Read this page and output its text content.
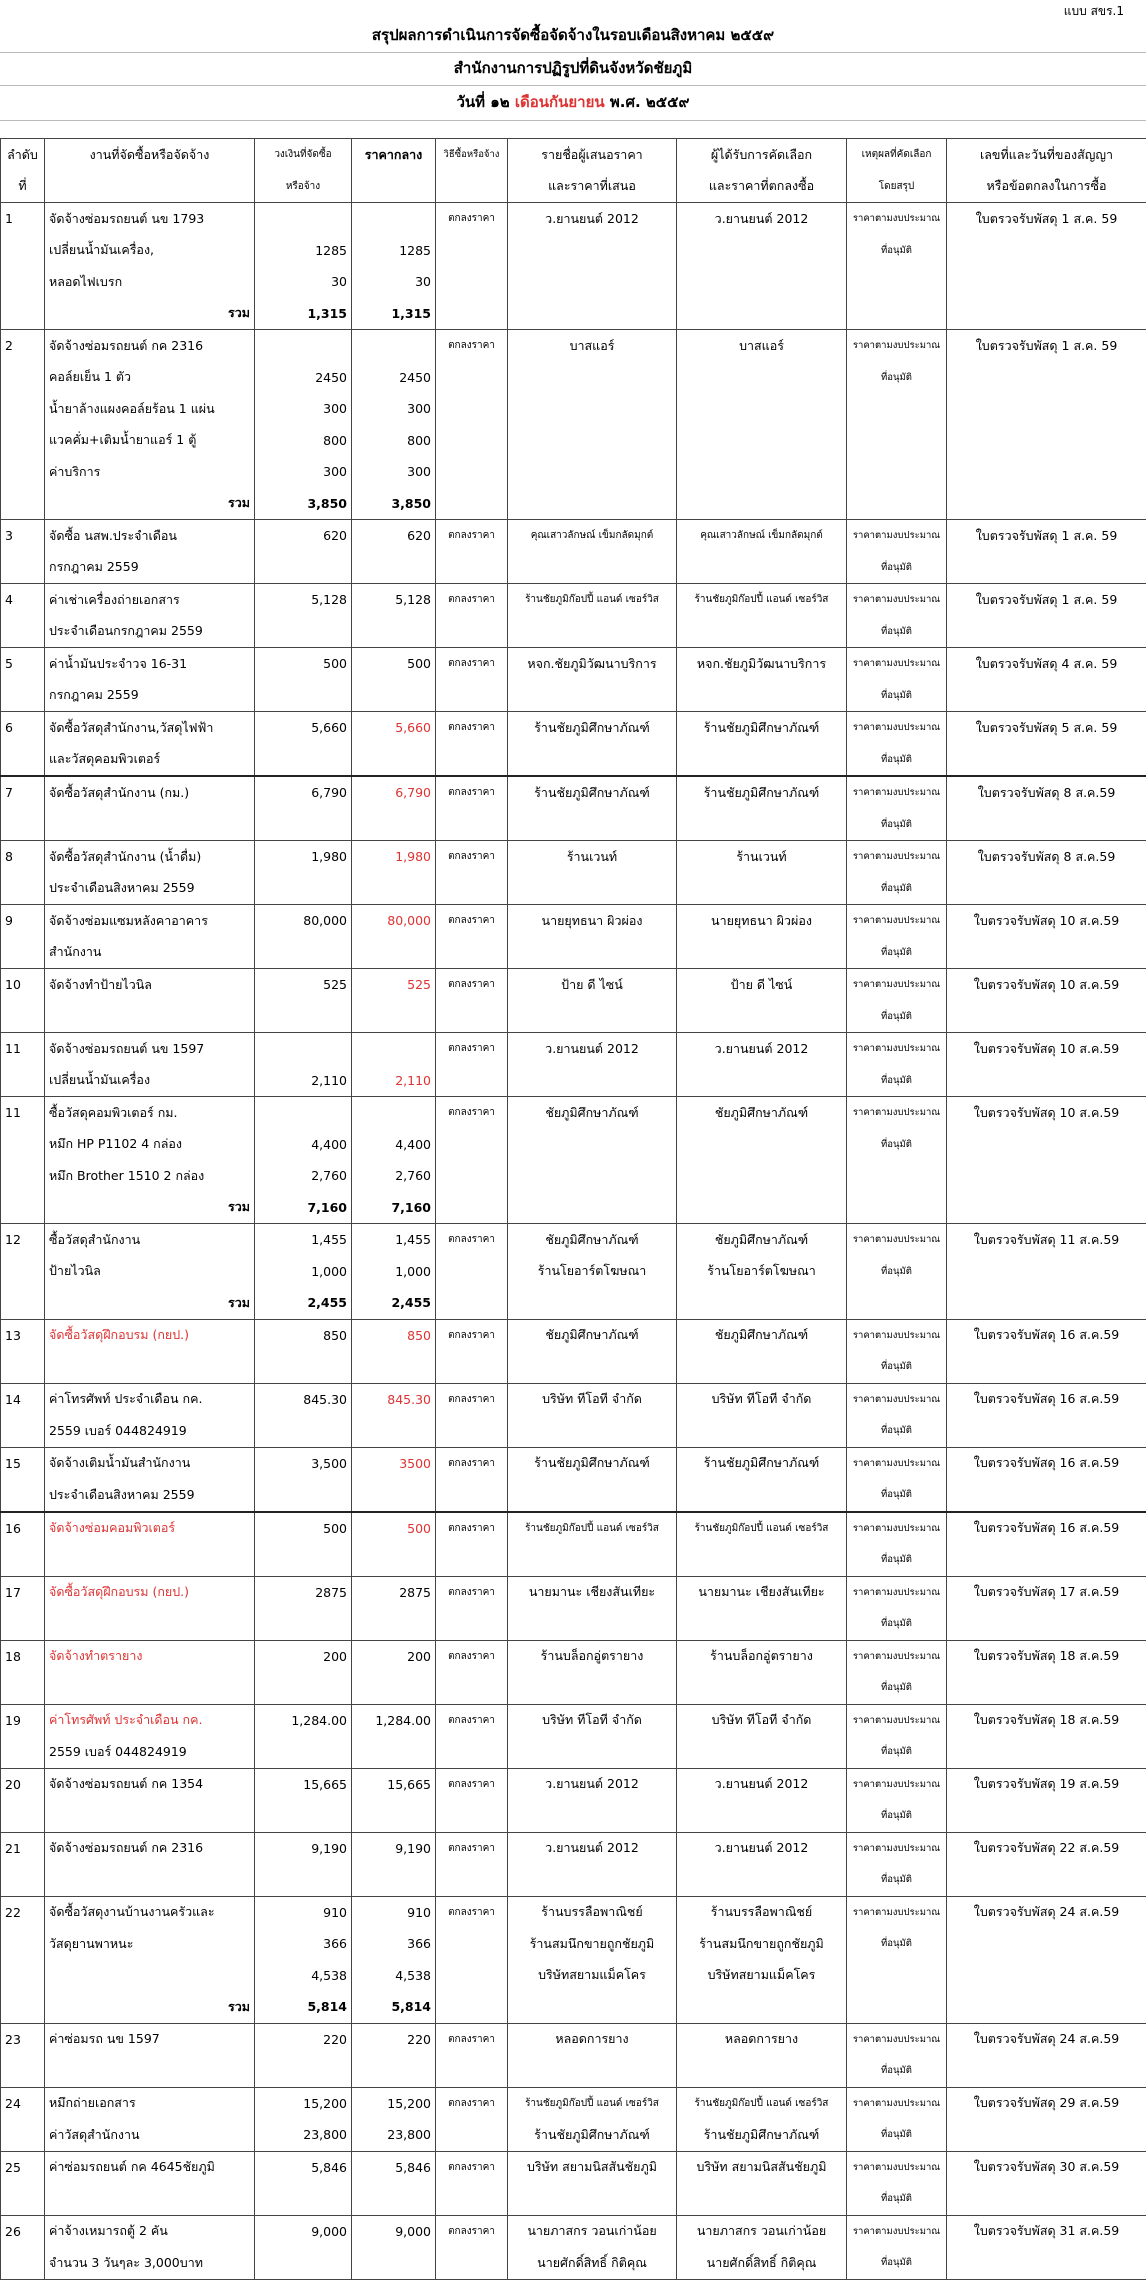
แบบ สขร.1
สรุปผลการดำเนินการจัดซื้อจัดจ้างในรอบเดือนสิงหาคม ๒๕๕๙
สำนักงานการปฏิรูปที่ดินจังหวัดชัยภูมิ
วันที่ ๑๒ เดือนกันยายน พ.ศ. ๒๕๕๙
ลำดับ	งานที่จัดซื้อหรือจัดจ้าง	วงเงินที่จัดซื้อ	ราคากลาง	วิธีซื้อหรือจ้าง	รายชื่อผู้เสนอราคา	ผู้ได้รับการคัดเลือก	เหตุผลที่คัดเลือก	เลขที่และวันที่ของสัญญา
ที่		หรือจ้าง			และราคาที่เสนอ	และราคาที่ตกลงซื้อ	โดยสรุป	หรือข้อตกลงในการซื้อ
1	จัดจ้างซ่อมรถยนต์ นข 1793			ตกลงราคา	ว.ยานยนต์ 2012	ว.ยานยนต์ 2012	ราคาตามงบประมาณ	ใบตรวจรับพัสดุ 1 ส.ค. 59
	เปลี่ยนน้ำมันเครื่อง,	1285	1285				ที่อนุมัติ	
	หลอดไฟเบรก	30	30					
	รวม	1,315	1,315					
2	จัดจ้างซ่อมรถยนต์ กค 2316			ตกลงราคา	บาสแอร์	บาสแอร์	ราคาตามงบประมาณ	ใบตรวจรับพัสดุ 1 ส.ค. 59
	คอล์ยเย็น 1 ตัว	2450	2450				ที่อนุมัติ	
	น้ำยาล้างแผงคอล์ยร้อน 1 แผ่น	300	300					
	แวคคั่ม+เติมน้ำยาแอร์ 1 ตู้	800	800					
	ค่าบริการ	300	300					
	รวม	3,850	3,850					
3	จัดซื้อ นสพ.ประจำเดือน	620	620	ตกลงราคา	คุณเสาวลักษณ์ เข็มกลัดมุกต์	คุณเสาวลักษณ์ เข็มกลัดมุกต์	ราคาตามงบประมาณ	ใบตรวจรับพัสดุ 1 ส.ค. 59
	กรกฎาคม 2559						ที่อนุมัติ	
4	ค่าเช่าเครื่องถ่ายเอกสาร	5,128	5,128	ตกลงราคา	ร้านชัยภูมิก๊อปปี้ แอนด์ เซอร์วิส	ร้านชัยภูมิก๊อปปี้ แอนด์ เซอร์วิส	ราคาตามงบประมาณ	ใบตรวจรับพัสดุ 1 ส.ค. 59
	ประจำเดือนกรกฎาคม 2559						ที่อนุมัติ	
5	ค่าน้ำมันประจำวจ 16-31	500	500	ตกลงราคา	หจก.ชัยภูมิวัฒนาบริการ	หจก.ชัยภูมิวัฒนาบริการ	ราคาตามงบประมาณ	ใบตรวจรับพัสดุ 4 ส.ค. 59
	กรกฎาคม 2559						ที่อนุมัติ	
6	จัดซื้อวัสดุสำนักงาน,วัสดุไฟฟ้า	5,660	5,660	ตกลงราคา	ร้านชัยภูมิศึกษาภัณฑ์	ร้านชัยภูมิศึกษาภัณฑ์	ราคาตามงบประมาณ	ใบตรวจรับพัสดุ 5 ส.ค. 59
	และวัสดุคอมพิวเตอร์						ที่อนุมัติ	
7	จัดซื้อวัสดุสำนักงาน (กม.)	6,790	6,790	ตกลงราคา	ร้านชัยภูมิศึกษาภัณฑ์	ร้านชัยภูมิศึกษาภัณฑ์	ราคาตามงบประมาณ	ใบตรวจรับพัสดุ 8 ส.ค.59
							ที่อนุมัติ	
8	จัดซื้อวัสดุสำนักงาน (น้ำดื่ม)	1,980	1,980	ตกลงราคา	ร้านเวนท์	ร้านเวนท์	ราคาตามงบประมาณ	ใบตรวจรับพัสดุ 8 ส.ค.59
	ประจำเดือนสิงหาคม 2559						ที่อนุมัติ	
9	จัดจ้างซ่อมแซมหลังคาอาคาร	80,000	80,000	ตกลงราคา	นายยุทธนา ผิวผ่อง	นายยุทธนา ผิวผ่อง	ราคาตามงบประมาณ	ใบตรวจรับพัสดุ 10 ส.ค.59
	สำนักงาน						ที่อนุมัติ	
10	จัดจ้างทำป้ายไวนิล	525	525	ตกลงราคา	ป้าย ดี ไซน์	ป้าย ดี ไซน์	ราคาตามงบประมาณ	ใบตรวจรับพัสดุ 10 ส.ค.59
							ที่อนุมัติ	
11	จัดจ้างซ่อมรถยนต์ นข 1597			ตกลงราคา	ว.ยานยนต์ 2012	ว.ยานยนต์ 2012	ราคาตามงบประมาณ	ใบตรวจรับพัสดุ 10 ส.ค.59
	เปลี่ยนน้ำมันเครื่อง	2,110	2,110				ที่อนุมัติ	
11	ซื้อวัสดุคอมพิวเตอร์ กม.			ตกลงราคา	ชัยภูมิศึกษาภัณฑ์	ชัยภูมิศึกษาภัณฑ์	ราคาตามงบประมาณ	ใบตรวจรับพัสดุ 10 ส.ค.59
	หมึก HP P1102 4 กล่อง	4,400	4,400				ที่อนุมัติ	
	หมึก Brother 1510 2 กล่อง	2,760	2,760					
	รวม	7,160	7,160					
12	ซื้อวัสดุสำนักงาน	1,455	1,455	ตกลงราคา	ชัยภูมิศึกษาภัณฑ์	ชัยภูมิศึกษาภัณฑ์	ราคาตามงบประมาณ	ใบตรวจรับพัสดุ 11 ส.ค.59
	ป้ายไวนิล	1,000	1,000		ร้านโยอาร์ตโฆษณา	ร้านโยอาร์ตโฆษณา	ที่อนุมัติ	
	รวม	2,455	2,455					
13	จัดซื้อวัสดุฝึกอบรม (กยป.)	850	850	ตกลงราคา	ชัยภูมิศึกษาภัณฑ์	ชัยภูมิศึกษาภัณฑ์	ราคาตามงบประมาณ	ใบตรวจรับพัสดุ 16 ส.ค.59
							ที่อนุมัติ	
14	ค่าโทรศัพท์ ประจำเดือน กค.	845.30	845.30	ตกลงราคา	บริษัท ทีโอที จำกัด	บริษัท ทีโอที จำกัด	ราคาตามงบประมาณ	ใบตรวจรับพัสดุ 16 ส.ค.59
	2559 เบอร์ 044824919						ที่อนุมัติ	
15	จัดจ้างเติมน้ำมันสำนักงาน	3,500	3500	ตกลงราคา	ร้านชัยภูมิศึกษาภัณฑ์	ร้านชัยภูมิศึกษาภัณฑ์	ราคาตามงบประมาณ	ใบตรวจรับพัสดุ 16 ส.ค.59
	ประจำเดือนสิงหาคม 2559						ที่อนุมัติ	
16	จัดจ้างซ่อมคอมพิวเตอร์	500	500	ตกลงราคา	ร้านชัยภูมิก๊อปปี้ แอนด์ เซอร์วิส	ร้านชัยภูมิก๊อปปี้ แอนด์ เซอร์วิส	ราคาตามงบประมาณ	ใบตรวจรับพัสดุ 16 ส.ค.59
							ที่อนุมัติ	
17	จัดซื้อวัสดุฝึกอบรม (กยป.)	2875	2875	ตกลงราคา	นายมานะ เชียงสันเทียะ	นายมานะ เชียงสันเทียะ	ราคาตามงบประมาณ	ใบตรวจรับพัสดุ 17 ส.ค.59
							ที่อนุมัติ	
18	จัดจ้างทำตรายาง	200	200	ตกลงราคา	ร้านบล็อกอู่ตรายาง	ร้านบล็อกอู่ตรายาง	ราคาตามงบประมาณ	ใบตรวจรับพัสดุ 18 ส.ค.59
							ที่อนุมัติ	
19	ค่าโทรศัพท์ ประจำเดือน กค.	1,284.00	1,284.00	ตกลงราคา	บริษัท ทีโอที จำกัด	บริษัท ทีโอที จำกัด	ราคาตามงบประมาณ	ใบตรวจรับพัสดุ 18 ส.ค.59
	2559 เบอร์ 044824919						ที่อนุมัติ	
20	จัดจ้างซ่อมรถยนต์ กค 1354	15,665	15,665	ตกลงราคา	ว.ยานยนต์ 2012	ว.ยานยนต์ 2012	ราคาตามงบประมาณ	ใบตรวจรับพัสดุ 19 ส.ค.59
							ที่อนุมัติ	
21	จัดจ้างซ่อมรถยนต์ กค 2316	9,190	9,190	ตกลงราคา	ว.ยานยนต์ 2012	ว.ยานยนต์ 2012	ราคาตามงบประมาณ	ใบตรวจรับพัสดุ 22 ส.ค.59
							ที่อนุมัติ	
22	จัดซื้อวัสดุงานบ้านงานครัวและ	910	910	ตกลงราคา	ร้านบรรลือพาณิชย์	ร้านบรรลือพาณิชย์	ราคาตามงบประมาณ	ใบตรวจรับพัสดุ 24 ส.ค.59
	วัสดุยานพาหนะ	366	366		ร้านสมนึกขายถูกชัยภูมิ	ร้านสมนึกขายถูกชัยภูมิ	ที่อนุมัติ	
		4,538	4,538		บริษัทสยามแม็คโคร	บริษัทสยามแม็คโคร		
	รวม	5,814	5,814					
23	ค่าซ่อมรถ นข 1597	220	220	ตกลงราคา	หลอดการยาง	หลอดการยาง	ราคาตามงบประมาณ	ใบตรวจรับพัสดุ 24 ส.ค.59
							ที่อนุมัติ	
24	หมึกถ่ายเอกสาร	15,200	15,200	ตกลงราคา	ร้านชัยภูมิก๊อปปี้ แอนด์ เซอร์วิส	ร้านชัยภูมิก๊อปปี้ แอนด์ เซอร์วิส	ราคาตามงบประมาณ	ใบตรวจรับพัสดุ 29 ส.ค.59
	ค่าวัสดุสำนักงาน	23,800	23,800		ร้านชัยภูมิศึกษาภัณฑ์	ร้านชัยภูมิศึกษาภัณฑ์	ที่อนุมัติ	
25	ค่าซ่อมรถยนต์ กค 4645ชัยภูมิ	5,846	5,846	ตกลงราคา	บริษัท สยามนิสสันชัยภูมิ	บริษัท สยามนิสสันชัยภูมิ	ราคาตามงบประมาณ	ใบตรวจรับพัสดุ 30 ส.ค.59
							ที่อนุมัติ	
26	ค่าจ้างเหมารถตู้ 2 คัน	9,000	9,000	ตกลงราคา	นายภาสกร วอนเก่าน้อย	นายภาสกร วอนเก่าน้อย	ราคาตามงบประมาณ	ใบตรวจรับพัสดุ 31 ส.ค.59
	จำนวน 3 วันๆละ 3,000บาท				นายศักดิ์สิทธิ์ กิติคุณ	นายศักดิ์สิทธิ์ กิติคุณ	ที่อนุมัติ	
